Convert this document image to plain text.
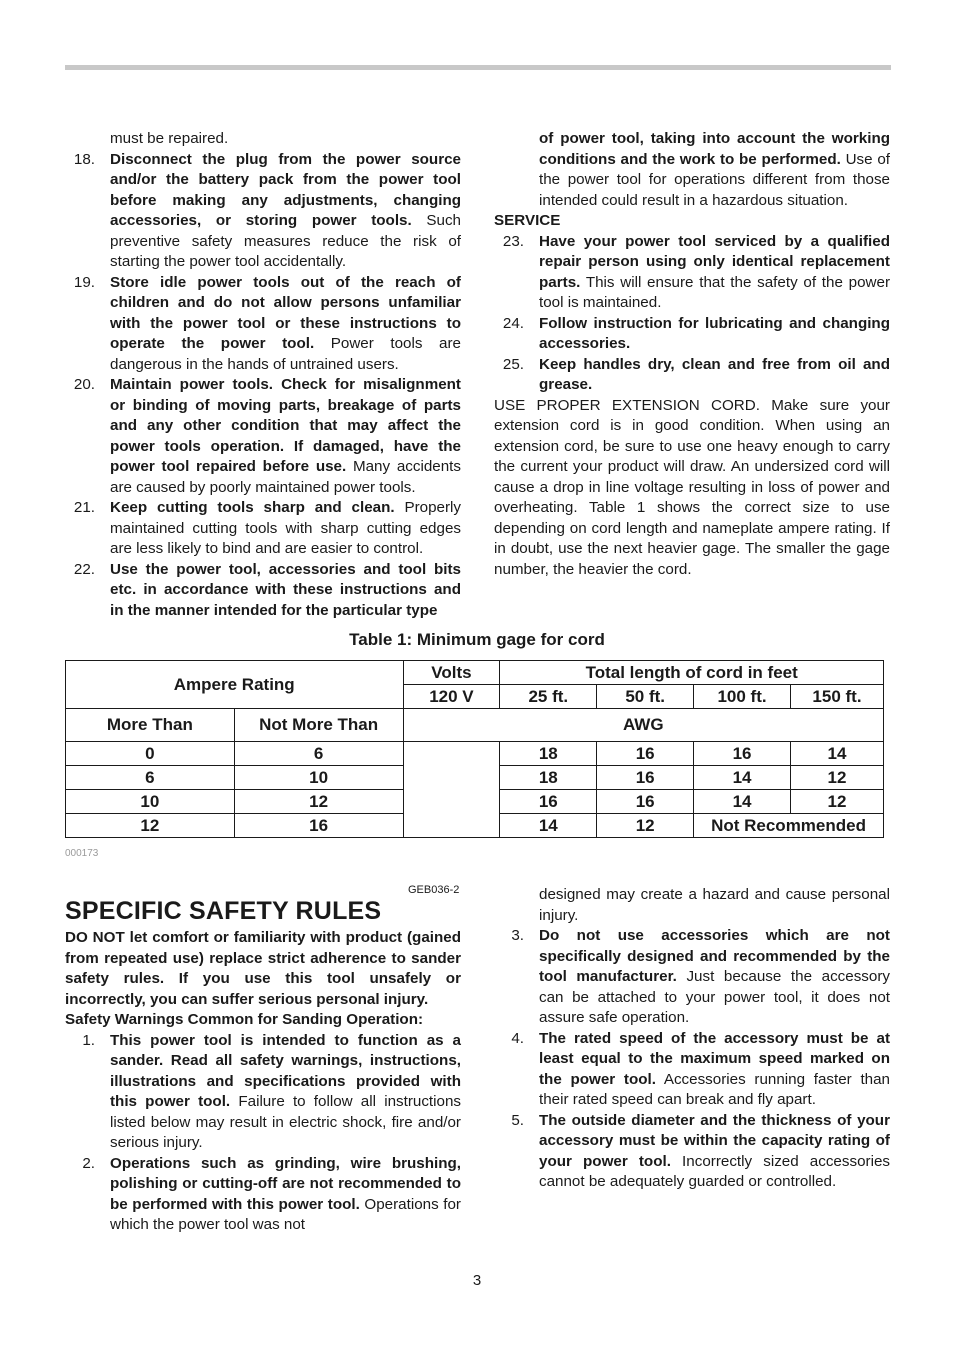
must be repaired.

18. Disconnect the plug from the power source and/or the battery pack from the power tool before making any adjustments, changing accessories, or storing power tools. Such preventive safety measures reduce the risk of starting the power tool accidentally.
19. Store idle power tools out of the reach of children and do not allow persons unfamiliar with the power tool or these instructions to operate the power tool. Power tools are dangerous in the hands of untrained users.
20. Maintain power tools. Check for misalignment or binding of moving parts, breakage of parts and any other condition that may affect the power tools operation. If damaged, have the power tool repaired before use. Many accidents are caused by poorly maintained power tools.
21. Keep cutting tools sharp and clean. Properly maintained cutting tools with sharp cutting edges are less likely to bind and are easier to control.
22. Use the power tool, accessories and tool bits etc. in accordance with these instructions and in the manner intended for the particular type

of power tool, taking into account the working conditions and the work to be performed. Use of the power tool for operations different from those intended could result in a hazardous situation.

SERVICE

23. Have your power tool serviced by a qualified repair person using only identical replacement parts. This will ensure that the safety of the power tool is maintained.
24. Follow instruction for lubricating and changing accessories.
25. Keep handles dry, clean and free from oil and grease.

USE PROPER EXTENSION CORD. Make sure your extension cord is in good condition. When using an extension cord, be sure to use one heavy enough to carry the current your product will draw. An undersized cord will cause a drop in line voltage resulting in loss of power and overheating. Table 1 shows the correct size to use depending on cord length and nameplate ampere rating. If in doubt, use the next heavier gage. The smaller the gage number, the heavier the cord.

Table 1: Minimum gage for cord
Ampere Rating		Volts	Total length of cord in feet			
		120 V	25 ft.	50 ft.	100 ft.	150 ft.
More Than	Not More Than	AWG				
0	6		18	16	16	14
6	10		18	16	14	12
10	12		16	16	14	12
12	16		14	12	Not Recommended	
000173
GEB036-2
SPECIFIC SAFETY RULES

DO NOT let comfort or familiarity with product (gained from repeated use) replace strict adherence to sander safety rules. If you use this tool unsafely or incorrectly, you can suffer serious personal injury.

Safety Warnings Common for Sanding Operation:

1. This power tool is intended to function as a sander. Read all safety warnings, instructions, illustrations and specifications provided with this power tool. Failure to follow all instructions listed below may result in electric shock, fire and/or serious injury.
2. Operations such as grinding, wire brushing, polishing or cutting-off are not recommended to be performed with this power tool. Operations for which the power tool was not

designed may create a hazard and cause personal injury.

3. Do not use accessories which are not specifically designed and recommended by the tool manufacturer. Just because the accessory can be attached to your power tool, it does not assure safe operation.
4. The rated speed of the accessory must be at least equal to the maximum speed marked on the power tool. Accessories running faster than their rated speed can break and fly apart.
5. The outside diameter and the thickness of your accessory must be within the capacity rating of your power tool. Incorrectly sized accessories cannot be adequately guarded or controlled.
3
